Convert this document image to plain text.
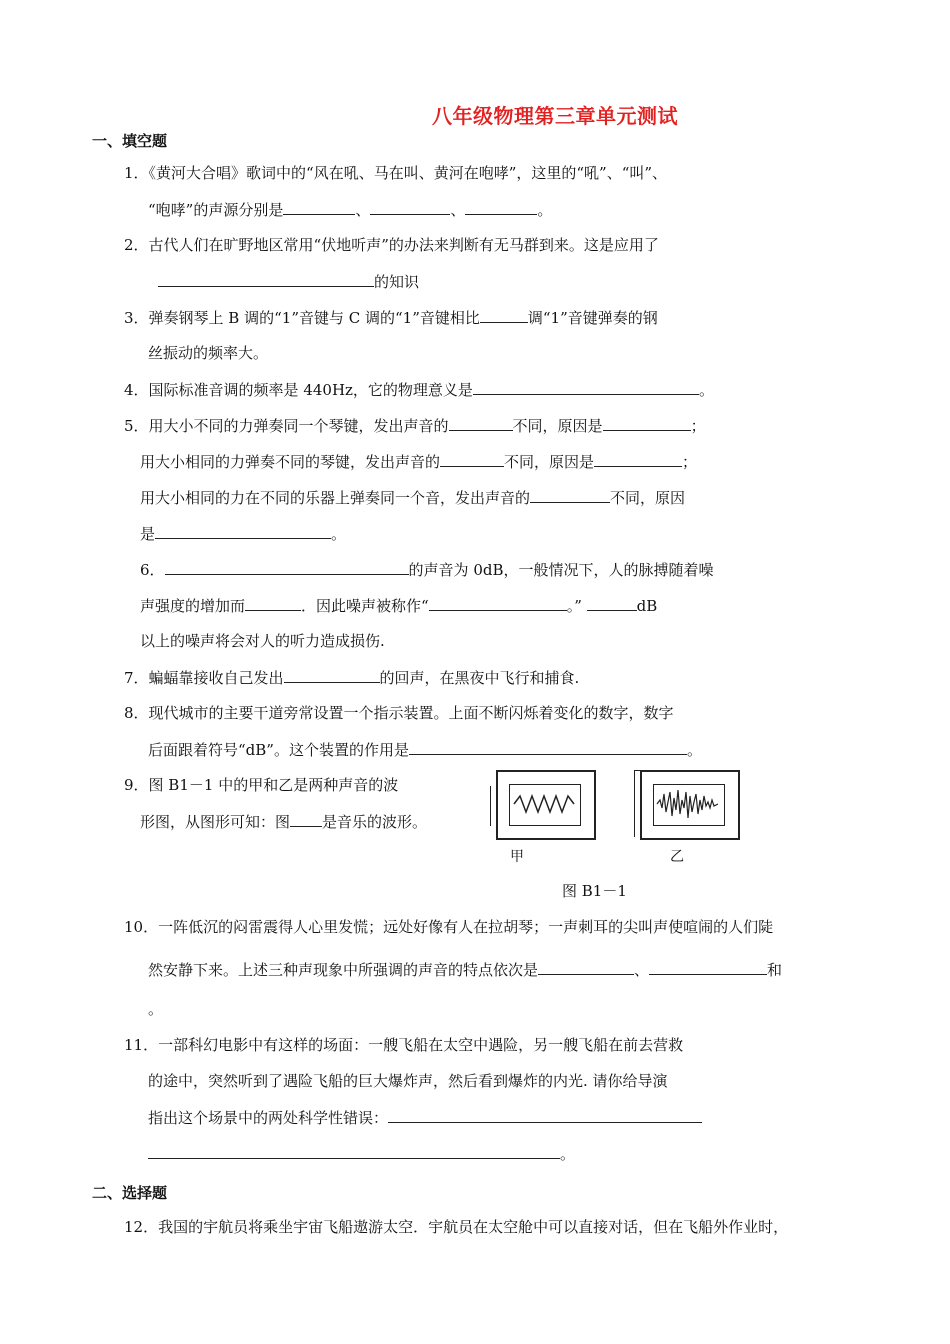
八年级物理第三章单元测试
一、填空题
1．《黄河大合唱》歌词中的“风在吼、马在叫、黄河在咆哮”，这里的“吼”、“叫”、
“咆哮”的声源分别是	、	、	。
2．古代人们在旷野地区常用“伏地听声”的办法来判断有无马群到来。这是应用了
的知识
3．弹奏钢琴上 B 调的“1”音键与 C 调的“1”音键相比	调“1”音键弹奏的钢
丝振动的频率大。
4．国际标准音调的频率是 440Hz，它的物理意义是	。
5．用大小不同的力弹奏同一个琴键，发出声音的	不同，原因是	；
用大小相同的力弹奏不同的琴键，发出声音的	不同，原因是	；
用大小相同的力在不同的乐器上弹奏同一个音，发出声音的	不同，原因
是	。
6．	的声音为 0dB，一般情况下，人的脉搏随着噪
声强度的增加而	．因此噪声被称作“	。”	dB
以上的噪声将会对人的听力造成损伤.
7．蝙蝠靠接收自己发出	的回声，在黑夜中飞行和捕食.
8．现代城市的主要干道旁常设置一个指示装置。上面不断闪烁着变化的数字，数字
后面跟着符号“dB”。这个装置的作用是	。
9．图 B1－1 中的甲和乙是两种声音的波
形图，从图形可知：图 是音乐的波形。
甲	乙
图 B1－1
10．一阵低沉的闷雷震得人心里发慌；远处好像有人在拉胡琴；一声刺耳的尖叫声使喧闹的人们陡
然安静下来。上述三种声现象中所强调的声音的特点依次是	、	和
。
11．一部科幻电影中有这样的场面：一艘飞船在太空中遇险，另一艘飞船在前去营救
的途中，突然听到了遇险飞船的巨大爆炸声，然后看到爆炸的内光. 请你给导演
指出这个场景中的两处科学性错误：
。
二、选择题
12．我国的宇航员将乘坐宇宙飞船遨游太空．宇航员在太空舱中可以直接对话，但在飞船外作业时，
